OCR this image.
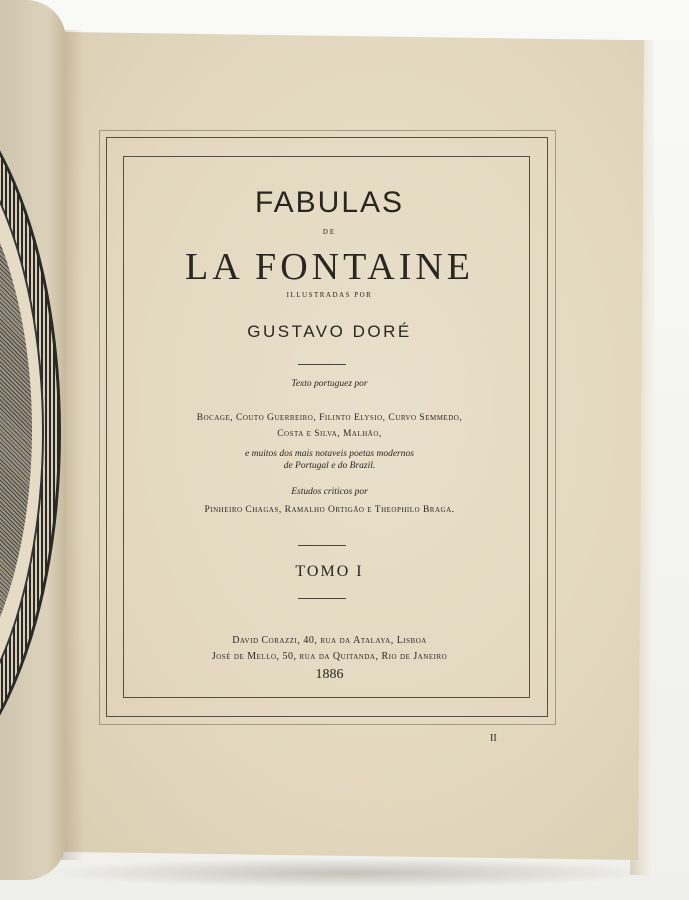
FABULAS
DE
LA FONTAINE
ILLUSTRADAS POR
GUSTAVO DORÉ
Texto portuguez por
Bocage, Couto Guerreiro, Filinto Elysio, Curvo Semmedo,
Costa e Silva, Malhão,
e muitos dos mais notaveis poetas modernos
de Portugal e do Brazil.
Estudos criticos por
Pinheiro Chagas, Ramalho Ortigão e Theophilo Braga.
TOMO I
David Corazzi, 40, rua da Atalaya, Lisboa
José de Mello, 50, rua da Quitanda, Rio de Janeiro
1886
II
